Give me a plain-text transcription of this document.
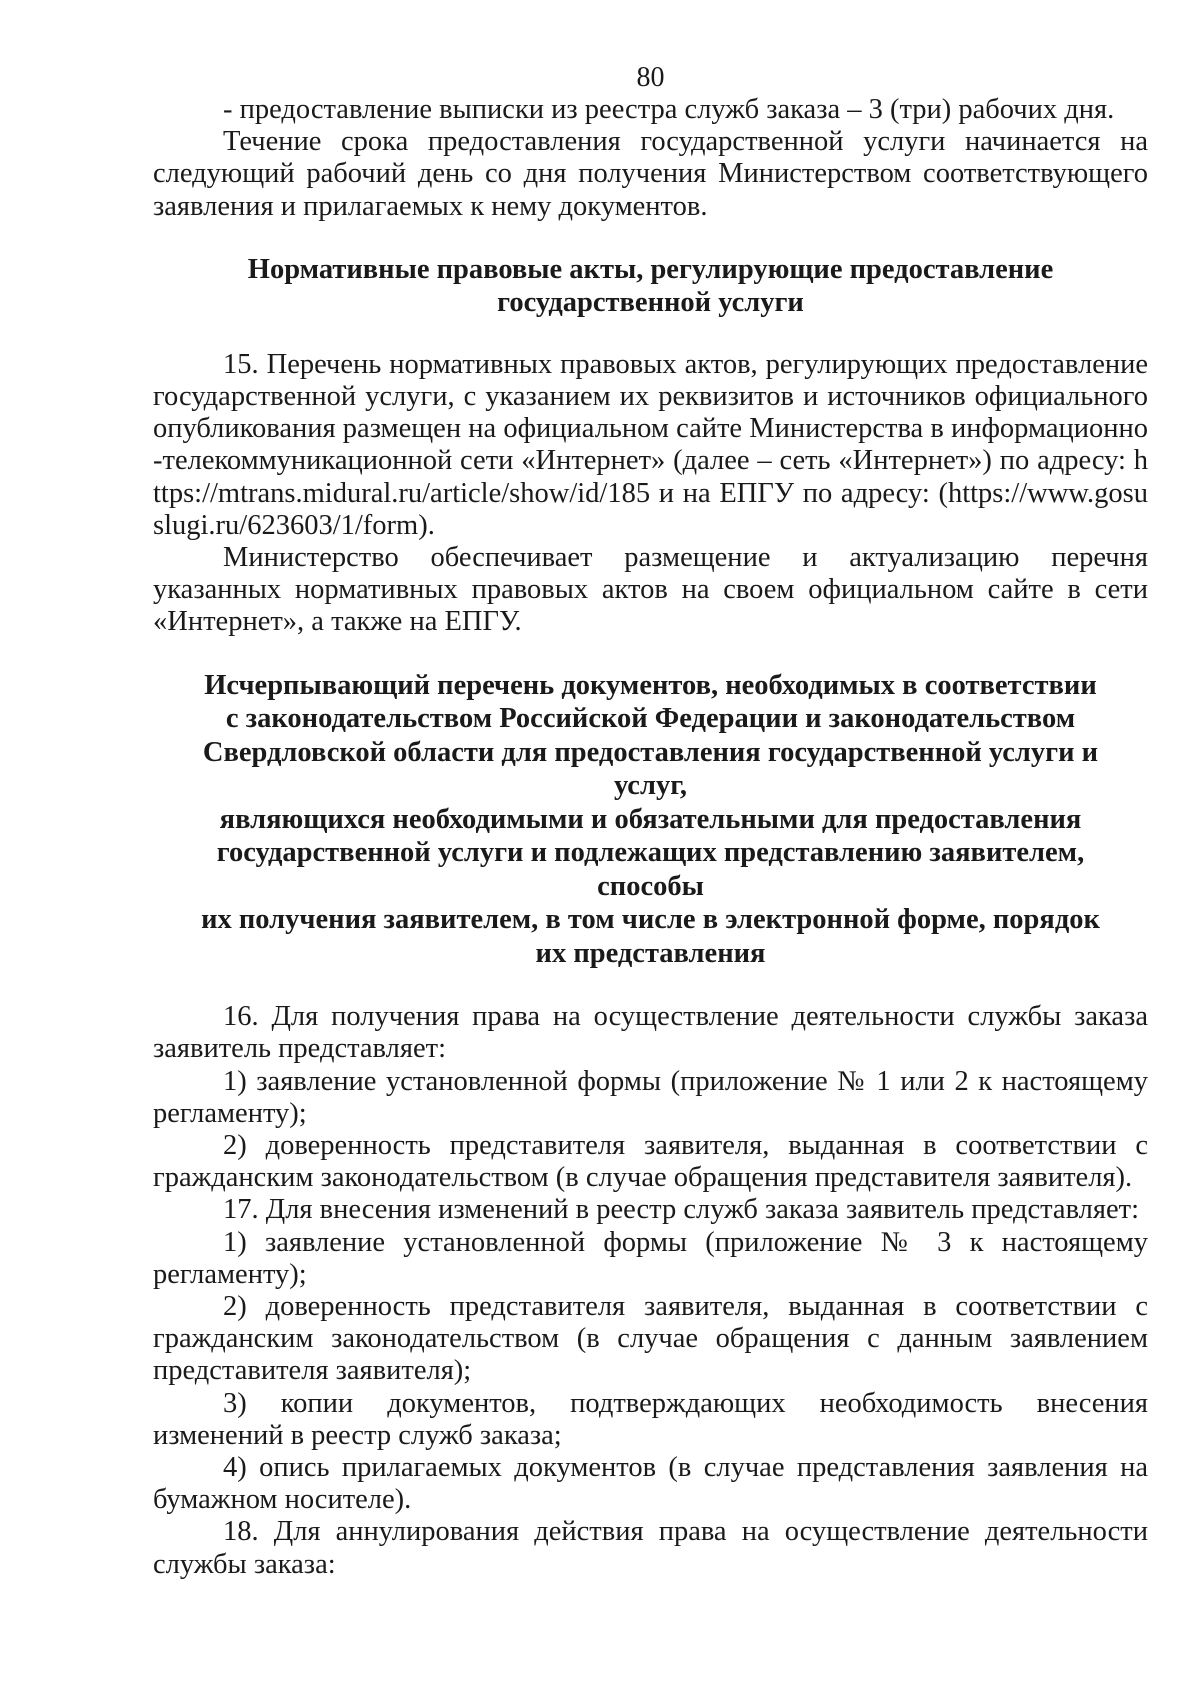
80

- предоставление выписки из реестра служб заказа – 3 (три) рабочих дня.

Течение срока предоставления государственной услуги начинается на следующий рабочий день со дня получения Министерством соответствующего заявления и прилагаемых к нему документов.

Нормативные правовые акты, регулирующие предоставление
государственной услуги

15. Перечень нормативных правовых актов, регулирующих предоставление государственной услуги, с указанием их реквизитов и источников официального опубликования размещен на официальном сайте Министерства в информационно-телекоммуникационной сети «Интернет» (далее – сеть «Интернет») по адресу: https://mtrans.midural.ru/article/show/id/185 и на ЕПГУ по адресу: (https://www.gosuslugi.ru/623603/1/form).

Министерство обеспечивает размещение и актуализацию перечня указанных нормативных правовых актов на своем официальном сайте в сети «Интернет», а также на ЕПГУ.

Исчерпывающий перечень документов, необходимых в соответствии
с законодательством Российской Федерации и законодательством
Свердловской области для предоставления государственной услуги и услуг,
являющихся необходимыми и обязательными для предоставления
государственной услуги и подлежащих представлению заявителем, способы
их получения заявителем, в том числе в электронной форме, порядок
их представления

16. Для получения права на осуществление деятельности службы заказа заявитель представляет:

1) заявление установленной формы (приложение № 1 или 2 к настоящему регламенту);

2) доверенность представителя заявителя, выданная в соответствии с гражданским законодательством (в случае обращения представителя заявителя).

17. Для внесения изменений в реестр служб заказа заявитель представляет:

1) заявление установленной формы (приложение № 3 к настоящему регламенту);

2) доверенность представителя заявителя, выданная в соответствии с гражданским законодательством (в случае обращения с данным заявлением представителя заявителя);

3) копии документов, подтверждающих необходимость внесения изменений в реестр служб заказа;

4) опись прилагаемых документов (в случае представления заявления на бумажном носителе).

18. Для аннулирования действия права на осуществление деятельности службы заказа:
